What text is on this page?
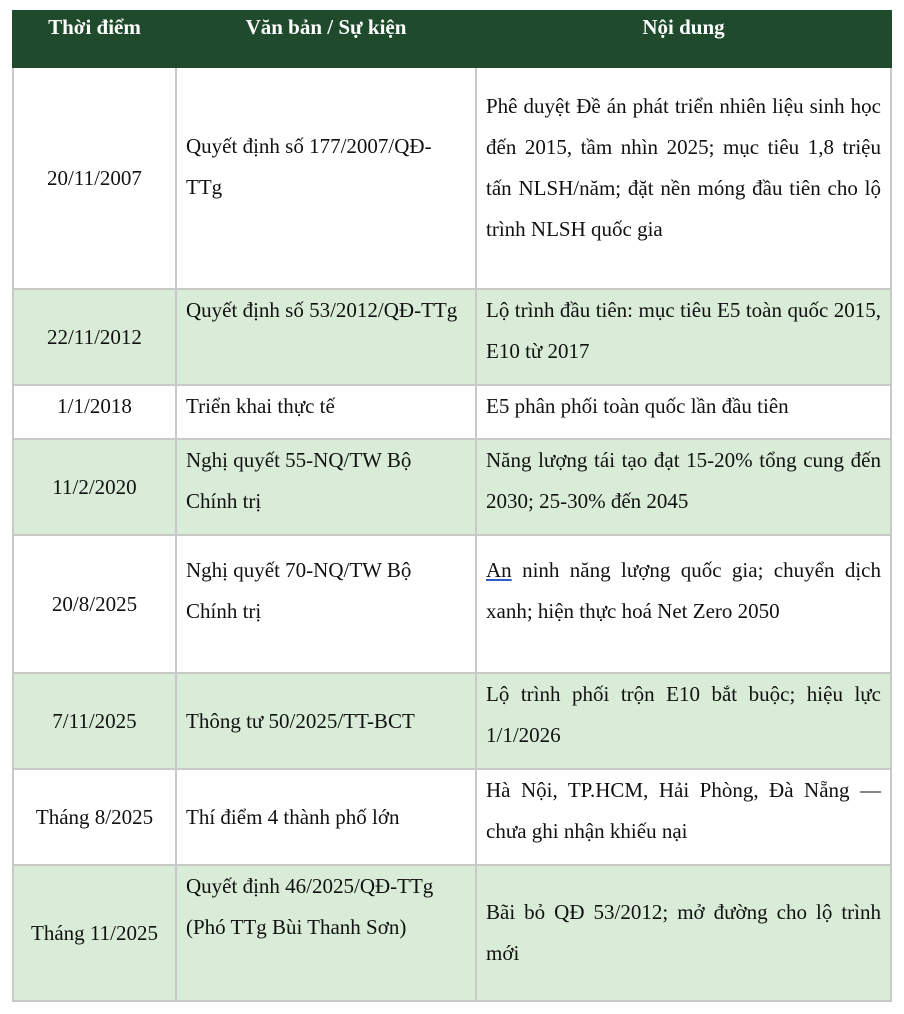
Thời điểm	Văn bản / Sự kiện	Nội dung
20/11/2007	Quyết định số 177/2007/QĐ-TTg	Phê duyệt Đề án phát triển nhiên liệu sinh học đến 2015, tầm nhìn 2025; mục tiêu 1,8 triệu tấn NLSH/năm; đặt nền móng đầu tiên cho lộ trình NLSH quốc gia
22/11/2012	Quyết định số 53/2012/QĐ-TTg	Lộ trình đầu tiên: mục tiêu E5 toàn quốc 2015, E10 từ 2017
1/1/2018	Triển khai thực tế	E5 phân phối toàn quốc lần đầu tiên
11/2/2020	Nghị quyết 55-NQ/TW Bộ Chính trị	Năng lượng tái tạo đạt 15-20% tổng cung đến 2030; 25-30% đến 2045
20/8/2025	Nghị quyết 70-NQ/TW Bộ Chính trị	An ninh năng lượng quốc gia; chuyển dịch xanh; hiện thực hoá Net Zero 2050
7/11/2025	Thông tư 50/2025/TT-BCT	Lộ trình phối trộn E10 bắt buộc; hiệu lực 1/1/2026
Tháng 8/2025	Thí điểm 4 thành phố lớn	Hà Nội, TP.HCM, Hải Phòng, Đà Nẵng — chưa ghi nhận khiếu nại
Tháng 11/2025	Quyết định 46/2025/QĐ-TTg (Phó TTg Bùi Thanh Sơn)	Bãi bỏ QĐ 53/2012; mở đường cho lộ trình mới
